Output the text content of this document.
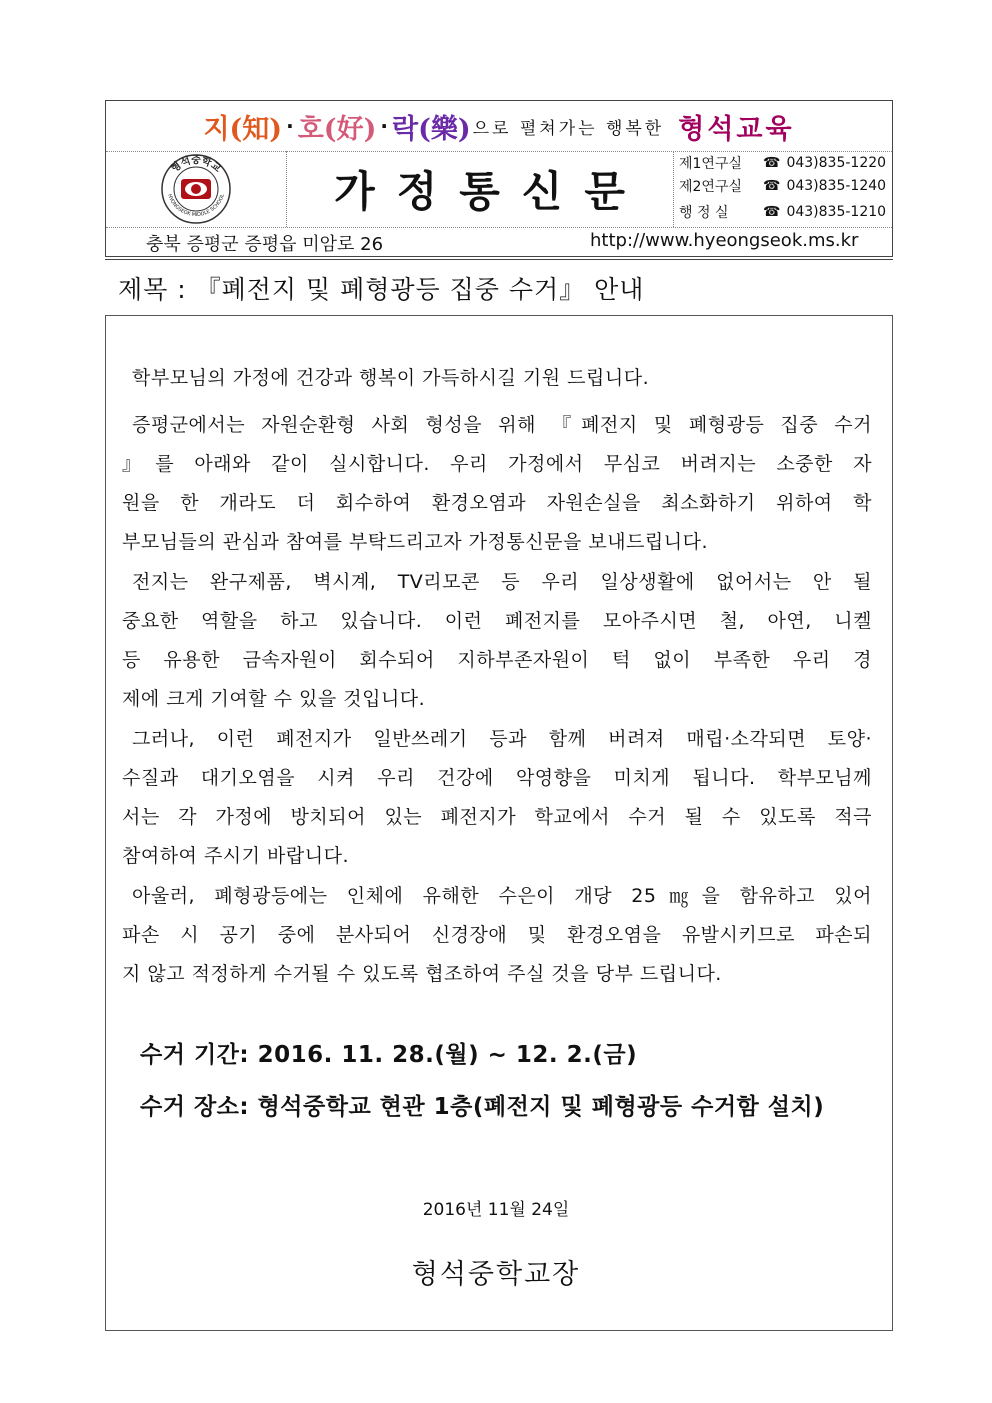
지 (知) · 호 (好) · 락 (樂) 으로 펼쳐가는 행복한 형석교육
형석중학교
HYONGSEOK MIDDLE SCHOOL	가정통신문
제1연구실	☎ 043)835-1220
제2연구실	☎ 043)835-1240
행 정 실	☎ 043)835-1210
충북 증평군 증평읍 미암로 26	http://www.hyeongseok.ms.kr
제목 : 『폐전지 및 폐형광등 집중 수거』 안내
학부모님의 가정에 건강과 행복이 가득하시길 기원 드립니다.
증평군에서는 자원순환형 사회 형성을 위해 『폐전지 및 폐형광등 집중 수거
』를 아래와 같이 실시합니다. 우리 가정에서 무심코 버려지는 소중한 자
원을 한 개라도 더 회수하여 환경오염과 자원손실을 최소화하기 위하여 학
부모님들의 관심과 참여를 부탁드리고자 가정통신문을 보내드립니다.
전지는 완구제품, 벽시계, TV리모콘 등 우리 일상생활에 없어서는 안 될
중요한 역할을 하고 있습니다. 이런 폐전지를 모아주시면 철, 아연, 니켈
등 유용한 금속자원이 회수되어 지하부존자원이 턱 없이 부족한 우리 경
제에 크게 기여할 수 있을 것입니다.
그러나, 이런 폐전지가 일반쓰레기 등과 함께 버려져 매립·소각되면 토양·
수질과 대기오염을 시켜 우리 건강에 악영향을 미치게 됩니다. 학부모님께
서는 각 가정에 방치되어 있는 폐전지가 학교에서 수거 될 수 있도록 적극
참여하여 주시기 바랍니다.
아울러, 폐형광등에는 인체에 유해한 수은이 개당 25㎎을 함유하고 있어
파손 시 공기 중에 분사되어 신경장애 및 환경오염을 유발시키므로 파손되
지 않고 적정하게 수거될 수 있도록 협조하여 주실 것을 당부 드립니다.
수거 기간: 2016. 11. 28.(월) ~ 12. 2.(금)
수거 장소: 형석중학교 현관 1층(폐전지 및 폐형광등 수거함 설치)
2016년 11월 24일
형석중학교장
